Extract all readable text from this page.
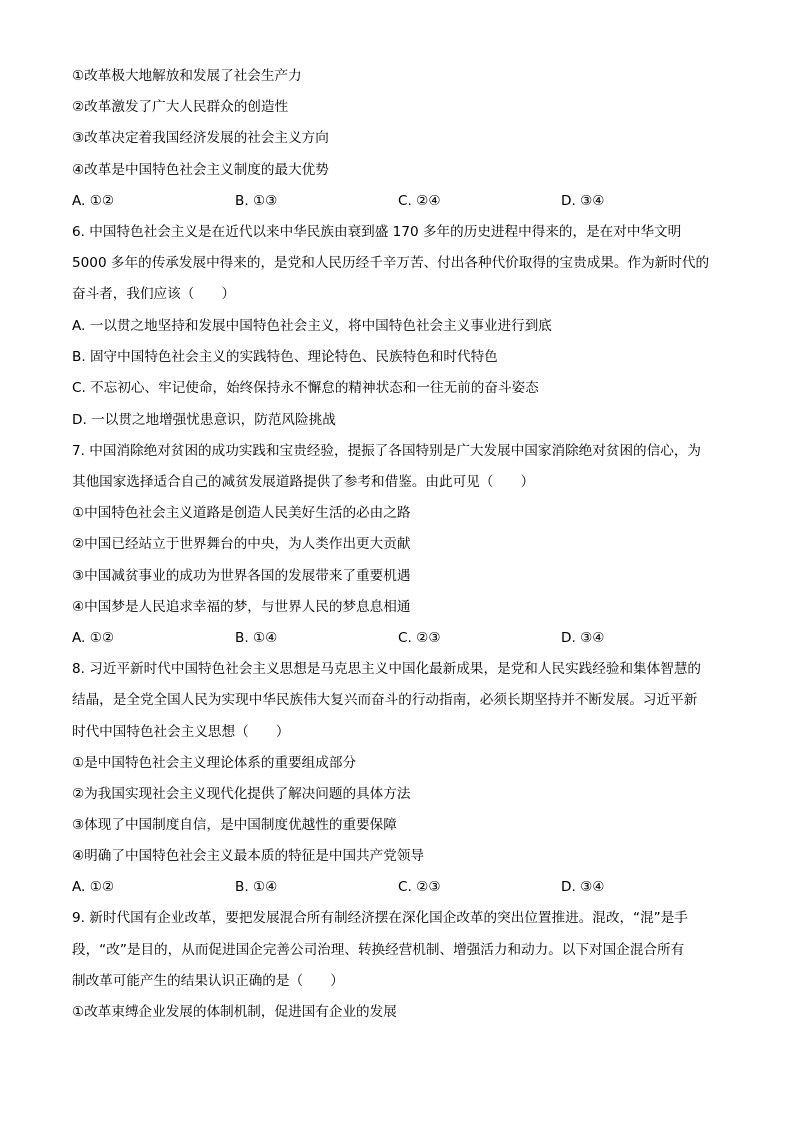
①改革极大地解放和发展了社会生产力
②改革激发了广大人民群众的创造性
③改革决定着我国经济发展的社会主义方向
④改革是中国特色社会主义制度的最大优势
A. ①②	B. ①③	C. ②④	D. ③④
6. 中国特色社会主义是在近代以来中华民族由衰到盛 170 多年的历史进程中得来的，是在对中华文明
5000 多年的传承发展中得来的，是党和人民历经千辛万苦、付出各种代价取得的宝贵成果。作为新时代的
奋斗者，我们应该（　　）
A. 一以贯之地坚持和发展中国特色社会主义，将中国特色社会主义事业进行到底
B. 固守中国特色社会主义的实践特色、理论特色、民族特色和时代特色
C. 不忘初心、牢记使命，始终保持永不懈怠的精神状态和一往无前的奋斗姿态
D. 一以贯之地增强忧患意识，防范风险挑战
7. 中国消除绝对贫困的成功实践和宝贵经验，提振了各国特别是广大发展中国家消除绝对贫困的信心，为
其他国家选择适合自己的减贫发展道路提供了参考和借鉴。由此可见（　　）
①中国特色社会主义道路是创造人民美好生活的必由之路
②中国已经站立于世界舞台的中央，为人类作出更大贡献
③中国减贫事业的成功为世界各国的发展带来了重要机遇
④中国梦是人民追求幸福的梦，与世界人民的梦息息相通
A. ①②	B. ①④	C. ②③	D. ③④
8. 习近平新时代中国特色社会主义思想是马克思主义中国化最新成果，是党和人民实践经验和集体智慧的
结晶，是全党全国人民为实现中华民族伟大复兴而奋斗的行动指南，必须长期坚持并不断发展。习近平新
时代中国特色社会主义思想（　　）
①是中国特色社会主义理论体系的重要组成部分
②为我国实现社会主义现代化提供了解决问题的具体方法
③体现了中国制度自信，是中国制度优越性的重要保障
④明确了中国特色社会主义最本质的特征是中国共产党领导
A. ①②	B. ①④	C. ②③	D. ③④
9. 新时代国有企业改革，要把发展混合所有制经济摆在深化国企改革的突出位置推进。混改，“混”是手
段，“改”是目的，从而促进国企完善公司治理、转换经营机制、增强活力和动力。以下对国企混合所有
制改革可能产生的结果认识正确的是（　　）
①改革束缚企业发展的体制机制，促进国有企业的发展
